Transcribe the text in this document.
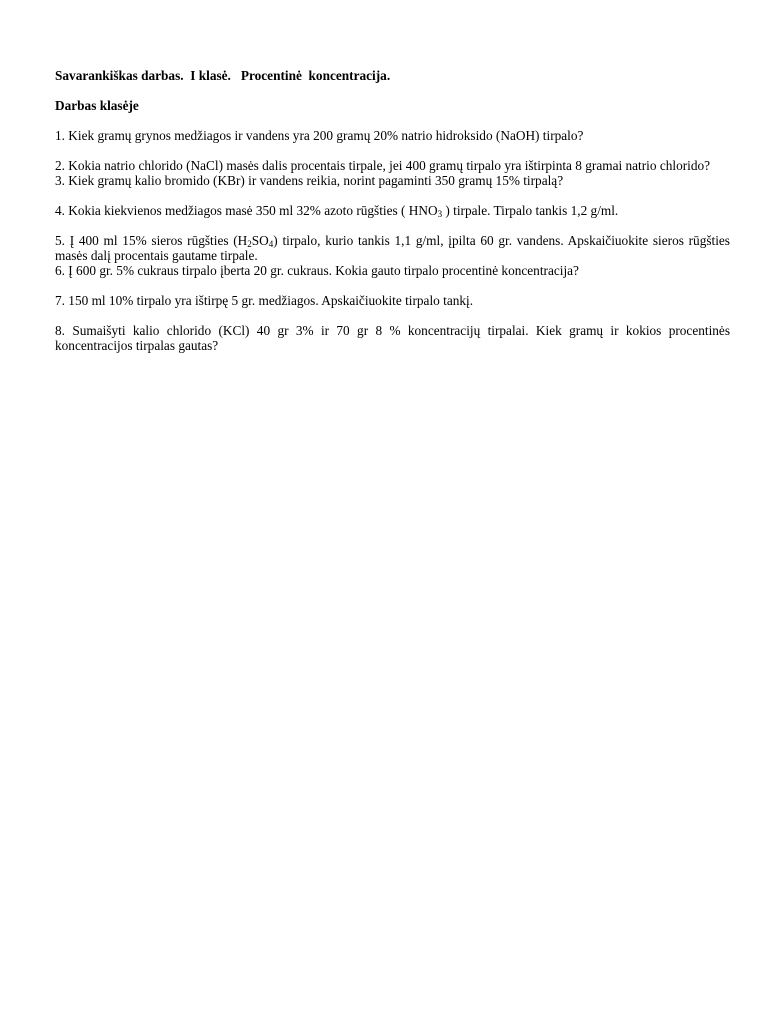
Savarankiškas darbas.  I klasė.   Procentinė  koncentracija.

Darbas klasėje

1. Kiek gramų grynos medžiagos ir vandens yra 200 gramų 20% natrio hidroksido (NaOH) tirpalo?

2. Kokia natrio chlorido (NaCl) masės dalis procentais tirpale, jei 400 gramų tirpalo yra ištirpinta 8 gramai natrio chlorido?

3. Kiek gramų kalio bromido (KBr) ir vandens reikia, norint pagaminti 350 gramų 15% tirpalą?

4. Kokia kiekvienos medžiagos masė 350 ml 32% azoto rūgšties ( $HNO_3$ ) tirpale. Tirpalo tankis 1,2 g/ml.

5. Į 400 ml 15% sieros rūgšties $(H_2SO_4)$ tirpalo, kurio tankis 1,1 g/ml, įpilta 60 gr. vandens. Apskaičiuokite sieros rūgšties masės dalį procentais gautame tirpale.

6. Į 600 gr. 5% cukraus tirpalo įberta 20 gr. cukraus. Kokia gauto tirpalo procentinė koncentracija?

7. 150 ml 10% tirpalo yra ištirpę 5 gr. medžiagos. Apskaičiuokite tirpalo tankį.

8. Sumaišyti kalio chlorido (KCl) 40 gr 3% ir 70 gr 8 % koncentracijų tirpalai. Kiek gramų ir kokios procentinės koncentracijos tirpalas gautas?
